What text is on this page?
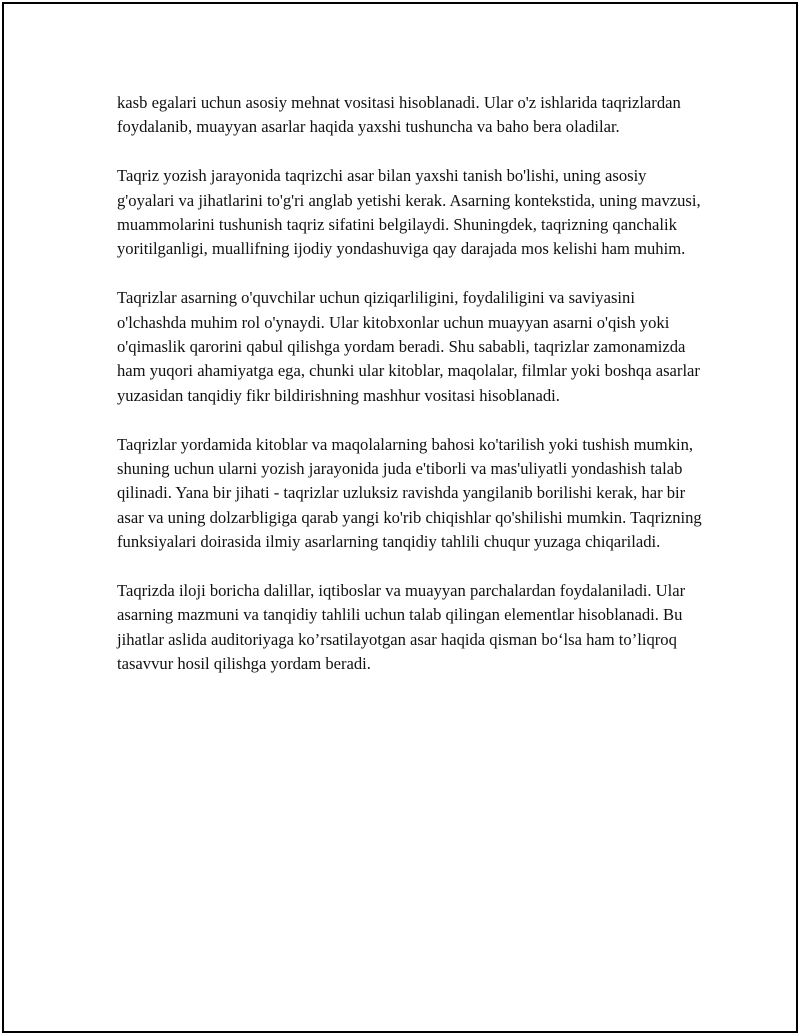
kasb egalari uchun asosiy mehnat vositasi hisoblanadi. Ular o'z ishlarida taqrizlardan foydalanib, muayyan asarlar haqida yaxshi tushuncha va baho bera oladilar.

Taqriz yozish jarayonida taqrizchi asar bilan yaxshi tanish bo'lishi, uning asosiy g'oyalari va jihatlarini to'g'ri anglab yetishi kerak. Asarning kontekstida, uning mavzusi, muammolarini tushunish taqriz sifatini belgilaydi. Shuningdek, taqrizning qanchalik yoritilganligi, muallifning ijodiy yondashuviga qay darajada mos kelishi ham muhim.

Taqrizlar asarning o'quvchilar uchun qiziqarliligini, foydaliligini va saviyasini o'lchashda muhim rol o'ynaydi. Ular kitobxonlar uchun muayyan asarni o'qish yoki o'qimaslik qarorini qabul qilishga yordam beradi. Shu sababli, taqrizlar zamonamizda ham yuqori ahamiyatga ega, chunki ular kitoblar, maqolalar, filmlar yoki boshqa asarlar yuzasidan tanqidiy fikr bildirishning mashhur vositasi hisoblanadi.

Taqrizlar yordamida kitoblar va maqolalarning bahosi ko'tarilish yoki tushish mumkin, shuning uchun ularni yozish jarayonida juda e'tiborli va mas'uliyatli yondashish talab qilinadi. Yana bir jihati - taqrizlar uzluksiz ravishda yangilanib borilishi kerak, har bir asar va uning dolzarbligiga qarab yangi ko'rib chiqishlar qo'shilishi mumkin. Taqrizning funksiyalari doirasida ilmiy asarlarning tanqidiy tahlili chuqur yuzaga chiqariladi.

Taqrizda iloji boricha dalillar, iqtiboslar va muayyan parchalardan foydalaniladi. Ular asarning mazmuni va tanqidiy tahlili uchun talab qilingan elementlar hisoblanadi. Bu jihatlar aslida auditoriyaga ko’rsatilayotgan asar haqida qisman bo‘lsa ham to’liqroq tasavvur hosil qilishga yordam beradi.
